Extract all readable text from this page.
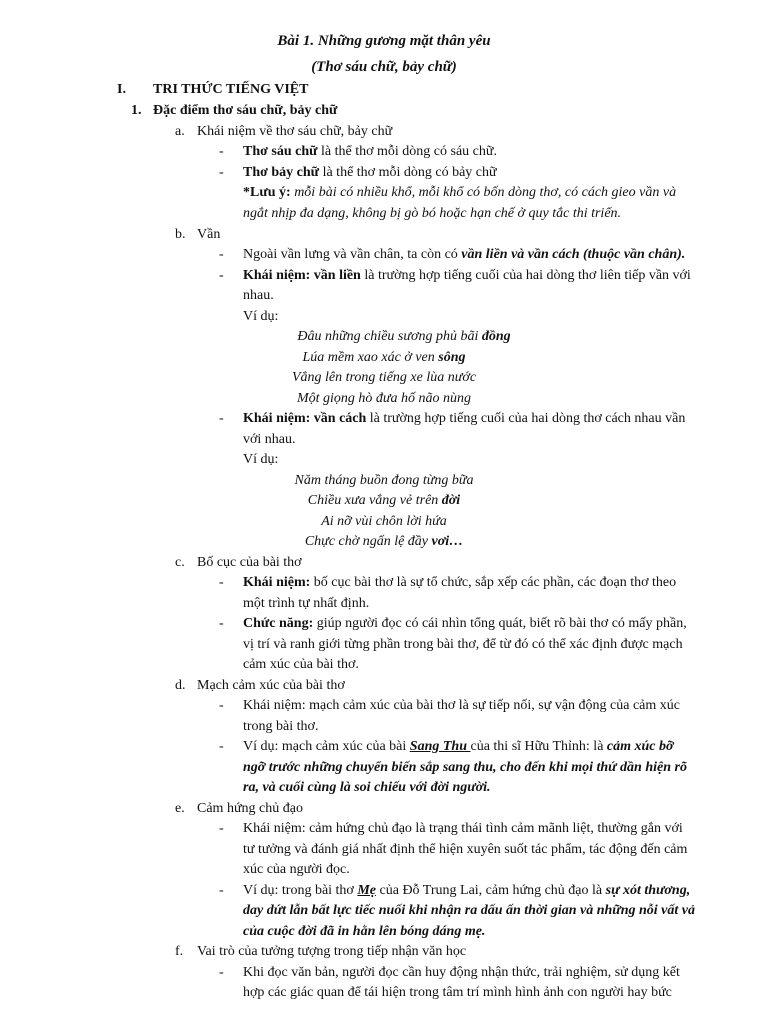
Bài 1. Những gương mặt thân yêu
(Thơ sáu chữ, bảy chữ)
I. TRI THỨC TIẾNG VIỆT
1. Đặc điểm thơ sáu chữ, bảy chữ
a. Khái niệm về thơ sáu chữ, bảy chữ
- Thơ sáu chữ là thể thơ mỗi dòng có sáu chữ.
- Thơ bảy chữ là thể thơ mỗi dòng có bảy chữ
*Lưu ý: mỗi bài có nhiều khổ, mỗi khổ có bốn dòng thơ, có cách gieo vần và
ngắt nhịp đa dạng, không bị gò bó hoặc hạn chế ở quy tắc thi triển.
b. Vần
- Ngoài vần lưng và vần chân, ta còn có vần liền và vần cách (thuộc vần chân).
- Khái niệm: vần liền là trường hợp tiếng cuối của hai dòng thơ liên tiếp vần với
nhau.
Ví dụ:
Đâu những chiều sương phủ bãi đồng
Lúa mềm xao xác ở ven sông
Vẳng lên trong tiếng xe lùa nước
Một giọng hò đưa hố não nùng
- Khái niệm: vần cách là trường hợp tiếng cuối của hai dòng thơ cách nhau vần
với nhau.
Ví dụ:
Năm tháng buồn đong từng bữa
Chiều xưa vắng vẻ trên đời
Ai nỡ vùi chôn lời hứa
Chực chờ ngấn lệ đầy vơi…
c. Bố cục của bài thơ
- Khái niệm: bố cục bài thơ là sự tổ chức, sắp xếp các phần, các đoạn thơ theo
một trình tự nhất định.
- Chức năng: giúp người đọc có cái nhìn tổng quát, biết rõ bài thơ có mấy phần,
vị trí và ranh giới từng phần trong bài thơ, để từ đó có thể xác định được mạch
cảm xúc của bài thơ.
d. Mạch cảm xúc của bài thơ
- Khái niệm: mạch cảm xúc của bài thơ là sự tiếp nối, sự vận động của cảm xúc
trong bài thơ.
- Ví dụ: mạch cảm xúc của bài Sang Thu của thi sĩ Hữu Thỉnh: là cảm xúc bỡ
ngỡ trước những chuyển biến sắp sang thu, cho đến khi mọi thứ dần hiện rõ
ra, và cuối cùng là soi chiếu với đời người.
e. Cảm hứng chủ đạo
- Khái niệm: cảm hứng chủ đạo là trạng thái tình cảm mãnh liệt, thường gắn với
tư tưởng và đánh giá nhất định thể hiện xuyên suốt tác phẩm, tác động đến cảm
xúc của người đọc.
- Ví dụ: trong bài thơ Mẹ của Đỗ Trung Lai, cảm hứng chủ đạo là sự xót thương,
day dứt lẫn bất lực tiếc nuối khi nhận ra dấu ấn thời gian và những nỗi vất vả
của cuộc đời đã in hằn lên bóng dáng mẹ.
f. Vai trò của tưởng tượng trong tiếp nhận văn học
- Khi đọc văn bản, người đọc cần huy động nhận thức, trải nghiệm, sử dụng kết
hợp các giác quan để tái hiện trong tâm trí mình hình ảnh con người hay bức
